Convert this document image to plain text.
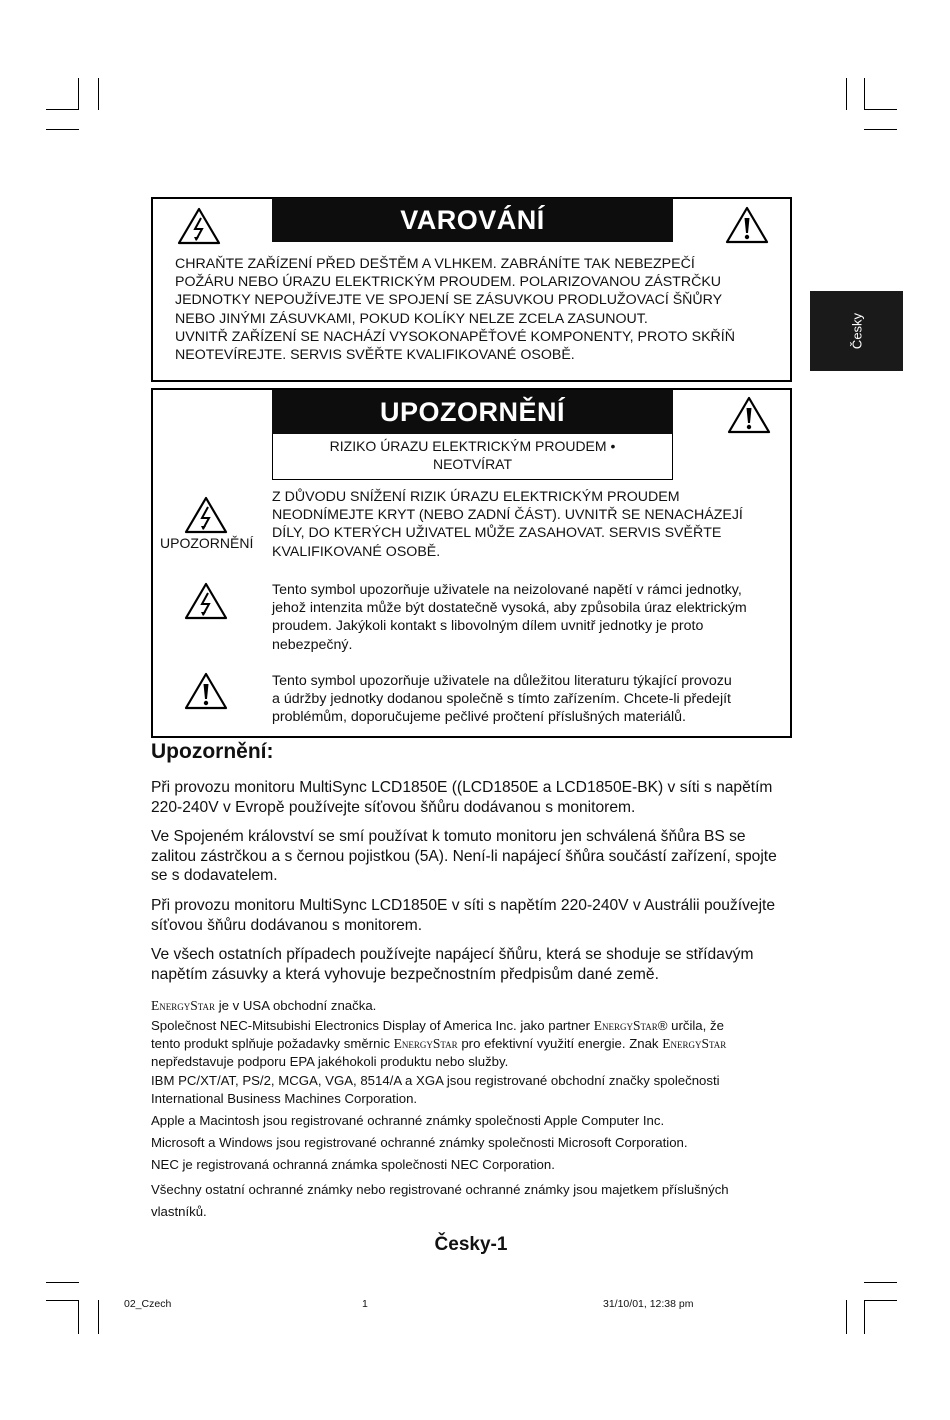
Česky
VAROVÁNÍ
CHRAŇTE ZAŘÍZENÍ PŘED DEŠTĚM A VLHKEM. ZABRÁNÍTE TAK NEBEZPEČÍ
POŽÁRU NEBO ÚRAZU ELEKTRICKÝM PROUDEM. POLARIZOVANOU ZÁSTRČKU
JEDNOTKY NEPOUŽÍVEJTE VE SPOJENÍ SE ZÁSUVKOU PRODLUŽOVACÍ ŠŇŮRY
NEBO JINÝMI ZÁSUVKAMI, POKUD KOLÍKY NELZE ZCELA ZASUNOUT.
UVNITŘ ZAŘÍZENÍ SE NACHÁZÍ VYSOKONAPĚŤOVÉ KOMPONENTY, PROTO SKŘÍŇ
NEOTEVÍREJTE. SERVIS SVĚŘTE KVALIFIKOVANÉ OSOBĚ.
UPOZORNĚNÍ
RIZIKO ÚRAZU ELEKTRICKÝM PROUDEM •
NEOTVÍRAT
UPOZORNĚNÍ
Z DŮVODU SNÍŽENÍ RIZIK ÚRAZU ELEKTRICKÝM PROUDEM
NEODNÍMEJTE KRYT (NEBO ZADNÍ ČÁST). UVNITŘ SE NENACHÁZEJÍ
DÍLY, DO KTERÝCH UŽIVATEL MŮŽE ZASAHOVAT. SERVIS SVĚŘTE
KVALIFIKOVANÉ OSOBĚ.
Tento symbol upozorňuje uživatele na neizolované napětí v rámci jednotky,
jehož intenzita může být dostatečně vysoká, aby způsobila úraz elektrickým
proudem. Jakýkoli kontakt s libovolným dílem uvnitř jednotky je proto
nebezpečný.
Tento symbol upozorňuje uživatele na důležitou literaturu týkající provozu
a údržby jednotky dodanou společně s tímto zařízením. Chcete-li předejít
problémům, doporučujeme pečlivé pročtení příslušných materiálů.
Upozornění:
Při provozu monitoru MultiSync LCD1850E ((LCD1850E a LCD1850E-BK) v síti s napětím
220-240V v Evropě používejte síťovou šňůru dodávanou s monitorem.
Ve Spojeném království se smí používat k tomuto monitoru jen schválená šňůra BS se
zalitou zástrčkou a s černou pojistkou (5A). Není-li napájecí šňůra součástí zařízení, spojte
se s dodavatelem.
Při provozu monitoru MultiSync LCD1850E v síti s napětím 220-240V v Austrálii používejte
síťovou šňůru dodávanou s monitorem.
Ve všech ostatních případech používejte napájecí šňůru, která se shoduje se střídavým
napětím zásuvky a která vyhovuje bezpečnostním předpisům dané země.
EnergyStar je v USA obchodní značka.
Společnost NEC-Mitsubishi Electronics Display of America Inc. jako partner EnergyStar® určila, že
tento produkt splňuje požadavky směrnic EnergyStar pro efektivní využití energie. Znak EnergyStar
nepředstavuje podporu EPA jakéhokoli produktu nebo služby.
IBM PC/XT/AT, PS/2, MCGA, VGA, 8514/A a XGA jsou registrované obchodní značky společnosti
International Business Machines Corporation.
Apple a Macintosh jsou registrované ochranné známky společnosti Apple Computer Inc.
Microsoft a Windows jsou registrované ochranné známky společnosti Microsoft Corporation.
NEC je registrovaná ochranná známka společnosti NEC Corporation.
Všechny ostatní ochranné známky nebo registrované ochranné známky jsou majetkem příslušných
vlastníků.
Česky-1
02_Czech	1	31/10/01, 12:38 pm
